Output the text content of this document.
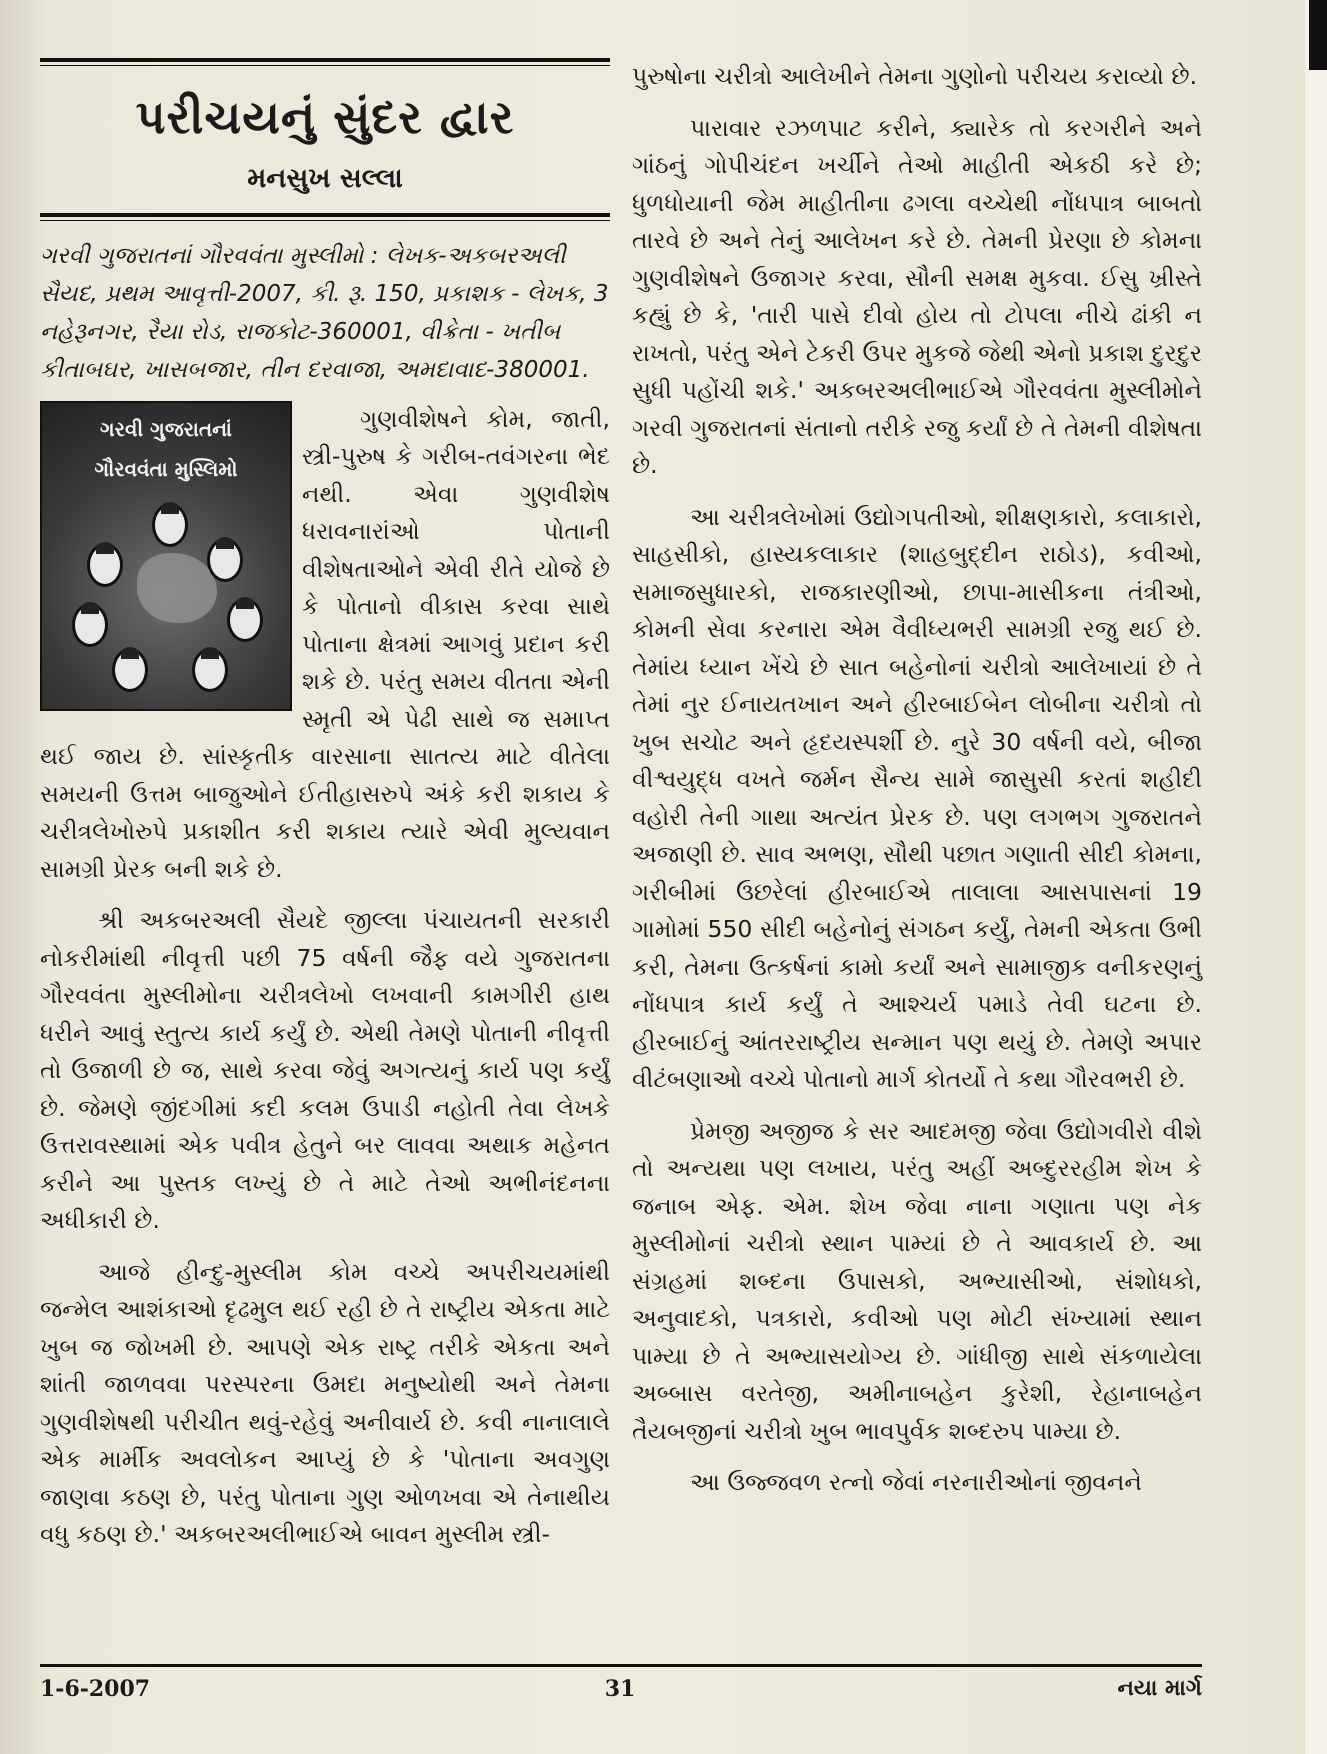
પરીચયનું સુંદર દ્વાર
મનસુખ સલ્લા
ગરવી ગુજરાતનાં ગૌરવવંતા મુસ્લીમો : લેખક-અકબરઅલી સૈયદ, પ્રથમ આવૃત્તી-2007, કી. રૂ. 150, પ્રકાશક - લેખક, 3 નહેરૂનગર, રૈયા રોડ, રાજકોટ-360001, વીક્રેતા - ખતીબ કીતાબઘર, ખાસબજાર, તીન દરવાજા, અમદાવાદ-380001.
ગરવી ગુજરાતનાં
ગૌરવવંતા મુસ્લિમો

ગુણવીશેષને કોમ, જાતી, સ્ત્રી-પુરુષ કે ગરીબ-તવંગરના ભેદ નથી. એવા ગુણવીશેષ ધરાવનારાંઓ પોતાની વીશેષતાઓને એવી રીતે યોજે છે કે પોતાનો વીકાસ કરવા સાથે પોતાના ક્ષેત્રમાં આગવું પ્રદાન કરી શકે છે. પરંતુ સમય વીતતા એની સ્મૃતી એ પેઢી સાથે જ સમાપ્ત થઈ જાય છે. સાંસ્કૃતીક વારસાના સાતત્ય માટે વીતેલા સમયની ઉત્તમ બાજુઓને ઈતીહાસરુપે અંકે કરી શકાય કે ચરીત્રલેખોરુપે પ્રકાશીત કરી શકાય ત્યારે એવી મુલ્યવાન સામગ્રી પ્રેરક બની શકે છે.

શ્રી અકબરઅલી સૈયદે જીલ્લા પંચાયતની સરકારી નોકરીમાંથી નીવૃત્તી પછી 75 વર્ષની જૈફ વયે ગુજરાતના ગૌરવવંતા મુસ્લીમોના ચરીત્રલેખો લખવાની કામગીરી હાથ ધરીને આવું સ્તુત્ય કાર્ય કર્યું છે. એથી તેમણે પોતાની નીવૃત્તી તો ઉજાળી છે જ, સાથે કરવા જેવું અગત્યનું કાર્ય પણ કર્યું છે. જેમણે જીંદગીમાં કદી કલમ ઉપાડી નહોતી તેવા લેખકે ઉત્તરાવસ્થામાં એક પવીત્ર હેતુને બર લાવવા અથાક મહેનત કરીને આ પુસ્તક લખ્યું છે તે માટે તેઓ અભીનંદનના અધીકારી છે.

આજે હીન્દુ-મુસ્લીમ કોમ વચ્ચે અપરીચયમાંથી જન્મેલ આશંકાઓ દૃઢમુલ થઈ રહી છે તે રાષ્ટ્રીય એકતા માટે ખુબ જ જોખમી છે. આપણે એક રાષ્ટ્ર તરીકે એકતા અને શાંતી જાળવવા પરસ્પરના ઉમદા મનુષ્યોથી અને તેમના ગુણવીશેષથી પરીચીત થવું-રહેવું અનીવાર્ય છે. કવી નાનાલાલે એક માર્મીક અવલોકન આપ્યું છે કે 'પોતાના અવગુણ જાણવા કઠણ છે, પરંતુ પોતાના ગુણ ઓળખવા એ તેનાથીય વધુ કઠણ છે.' અકબરઅલીભાઈએ બાવન મુસ્લીમ સ્ત્રી-

પુરુષોના ચરીત્રો આલેખીને તેમના ગુણોનો પરીચય કરાવ્યો છે.

પારાવાર રઝળપાટ કરીને, ક્યારેક તો કરગરીને અને ગાંઠનું ગોપીચંદન ખર્ચીને તેઓ માહીતી એકઠી કરે છે; ધુળધોયાની જેમ માહીતીના ઢગલા વચ્ચેથી નોંધપાત્ર બાબતો તારવે છે અને તેનું આલેખન કરે છે. તેમની પ્રેરણા છે કોમના ગુણવીશેષને ઉજાગર કરવા, સૌની સમક્ષ મુકવા. ઈસુ ખ્રીસ્તે કહ્યું છે કે, 'તારી પાસે દીવો હોય તો ટોપલા નીચે ઢાંકી ન રાખતો, પરંતુ એને ટેકરી ઉપર મુકજે જેથી એનો પ્રકાશ દુરદુર સુધી પહોંચી શકે.' અકબરઅલીભાઈએ ગૌરવવંતા મુસ્લીમોને ગરવી ગુજરાતનાં સંતાનો તરીકે રજુ કર્યાં છે તે તેમની વીશેષતા છે.

આ ચરીત્રલેખોમાં ઉદ્યોગપતીઓ, શીક્ષણકારો, કલાકારો, સાહસીકો, હાસ્યકલાકાર (શાહબુદ્દીન રાઠોડ), કવીઓ, સમાજસુધારકો, રાજકારણીઓ, છાપા-માસીકના તંત્રીઓ, કોમની સેવા કરનારા એમ વૈવીધ્યભરી સામગ્રી રજુ થઈ છે. તેમાંય ધ્યાન ખેંચે છે સાત બહેનોનાં ચરીત્રો આલેખાયાં છે તે તેમાં નુર ઈનાયતખાન અને હીરબાઈબેન લોબીના ચરીત્રો તો ખુબ સચોટ અને હૃદયસ્પર્શી છે. નુરે 30 વર્ષની વયે, બીજા વીશ્વયુદ્ધ વખતે જર્મન સૈન્ય સામે જાસુસી કરતાં શહીદી વહોરી તેની ગાથા અત્યંત પ્રેરક છે. પણ લગભગ ગુજરાતને અજાણી છે. સાવ અભણ, સૌથી પછાત ગણાતી સીદી કોમના, ગરીબીમાં ઉછરેલાં હીરબાઈએ તાલાલા આસપાસનાં 19 ગામોમાં 550 સીદી બહેનોનું સંગઠન કર્યું, તેમની એકતા ઉભી કરી, તેમના ઉત્કર્ષનાં કામો કર્યાં અને સામાજીક વનીકરણનું નોંધપાત્ર કાર્ય કર્યું તે આશ્ચર્ય પમાડે તેવી ઘટના છે. હીરબાઈનું આંતરરાષ્ટ્રીય સન્માન પણ થયું છે. તેમણે અપાર વીટંબણાઓ વચ્ચે પોતાનો માર્ગ કોતર્યો તે કથા ગૌરવભરી છે.

પ્રેમજી અજીજ કે સર આદમજી જેવા ઉદ્યોગવીરો વીશે તો અન્યથા પણ લખાય, પરંતુ અહીં અબ્દુરરહીમ શેખ કે જનાબ એફ. એમ. શેખ જેવા નાના ગણાતા પણ નેક મુસ્લીમોનાં ચરીત્રો સ્થાન પામ્યાં છે તે આવકાર્ય છે. આ સંગ્રહમાં શબ્દના ઉપાસકો, અભ્યાસીઓ, સંશોધકો, અનુવાદકો, પત્રકારો, કવીઓ પણ મોટી સંખ્યામાં સ્થાન પામ્યા છે તે અભ્યાસયોગ્ય છે. ગાંધીજી સાથે સંકળાયેલા અબ્બાસ વરતેજી, અમીનાબહેન કુરેશી, રેહાનાબહેન તૈયબજીનાં ચરીત્રો ખુબ ભાવપુર્વક શબ્દરુપ પામ્યા છે.

આ ઉજ્જવળ રત્નો જેવાં નરનારીઓનાં જીવનને

1-6-2007	31	નયા માર્ગ
